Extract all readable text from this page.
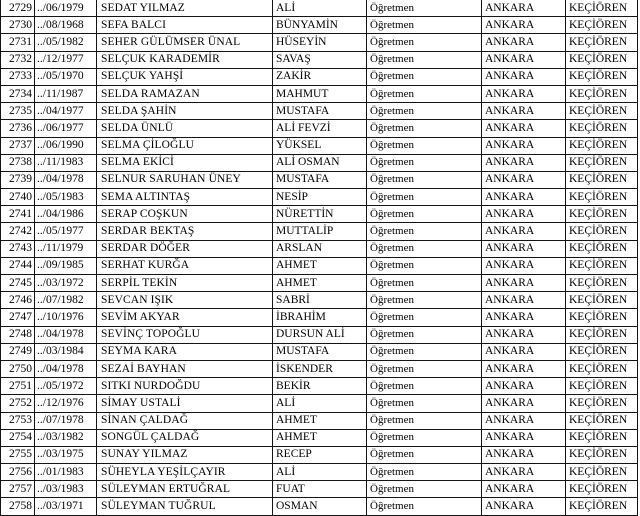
2729	../06/1979	SEDAT YILMAZ	ALİ	Öğretmen	ANKARA	KEÇİÖREN
2730	../08/1968	SEFA BALCI	BÜNYAMİN	Öğretmen	ANKARA	KEÇİÖREN
2731	../05/1982	SEHER GÜLÜMSER ÜNAL	HÜSEYİN	Öğretmen	ANKARA	KEÇİÖREN
2732	../12/1977	SELÇUK KARADEMİR	SAVAŞ	Öğretmen	ANKARA	KEÇİÖREN
2733	../05/1970	SELÇUK YAHŞİ	ZAKİR	Öğretmen	ANKARA	KEÇİÖREN
2734	../11/1987	SELDA RAMAZAN	MAHMUT	Öğretmen	ANKARA	KEÇİÖREN
2735	../04/1977	SELDA ŞAHİN	MUSTAFA	Öğretmen	ANKARA	KEÇİÖREN
2736	../06/1977	SELDA ÜNLÜ	ALİ FEVZİ	Öğretmen	ANKARA	KEÇİÖREN
2737	../06/1990	SELMA ÇİLOĞLU	YÜKSEL	Öğretmen	ANKARA	KEÇİÖREN
2738	../11/1983	SELMA EKİCİ	ALİ OSMAN	Öğretmen	ANKARA	KEÇİÖREN
2739	../04/1978	SELNUR SARUHAN ÜNEY	MUSTAFA	Öğretmen	ANKARA	KEÇİÖREN
2740	../05/1983	SEMA ALTINTAŞ	NESİP	Öğretmen	ANKARA	KEÇİÖREN
2741	../04/1986	SERAP COŞKUN	NÜRETTİN	Öğretmen	ANKARA	KEÇİÖREN
2742	../05/1977	SERDAR BEKTAŞ	MUTTALİP	Öğretmen	ANKARA	KEÇİÖREN
2743	../11/1979	SERDAR DÖĞER	ARSLAN	Öğretmen	ANKARA	KEÇİÖREN
2744	../09/1985	SERHAT KURĞA	AHMET	Öğretmen	ANKARA	KEÇİÖREN
2745	../03/1972	SERPİL TEKİN	AHMET	Öğretmen	ANKARA	KEÇİÖREN
2746	../07/1982	SEVCAN IŞIK	SABRİ	Öğretmen	ANKARA	KEÇİÖREN
2747	../10/1976	SEVİM AKYAR	İBRAHİM	Öğretmen	ANKARA	KEÇİÖREN
2748	../04/1978	SEVİNÇ TOPOĞLU	DURSUN ALİ	Öğretmen	ANKARA	KEÇİÖREN
2749	../03/1984	SEYMA KARA	MUSTAFA	Öğretmen	ANKARA	KEÇİÖREN
2750	../04/1978	SEZAİ BAYHAN	İSKENDER	Öğretmen	ANKARA	KEÇİÖREN
2751	../05/1972	SITKI NURDOĞDU	BEKİR	Öğretmen	ANKARA	KEÇİÖREN
2752	../12/1976	SİMAY USTALİ	ALİ	Öğretmen	ANKARA	KEÇİÖREN
2753	../07/1978	SİNAN ÇALDAĞ	AHMET	Öğretmen	ANKARA	KEÇİÖREN
2754	../03/1982	SONGÜL ÇALDAĞ	AHMET	Öğretmen	ANKARA	KEÇİÖREN
2755	../03/1975	SUNAY YILMAZ	RECEP	Öğretmen	ANKARA	KEÇİÖREN
2756	../01/1983	SÜHEYLA YEŞİLÇAYIR	ALİ	Öğretmen	ANKARA	KEÇİÖREN
2757	../03/1983	SÜLEYMAN ERTUĞRAL	FUAT	Öğretmen	ANKARA	KEÇİÖREN
2758	../03/1971	SÜLEYMAN TUĞRUL	OSMAN	Öğretmen	ANKARA	KEÇİÖREN
